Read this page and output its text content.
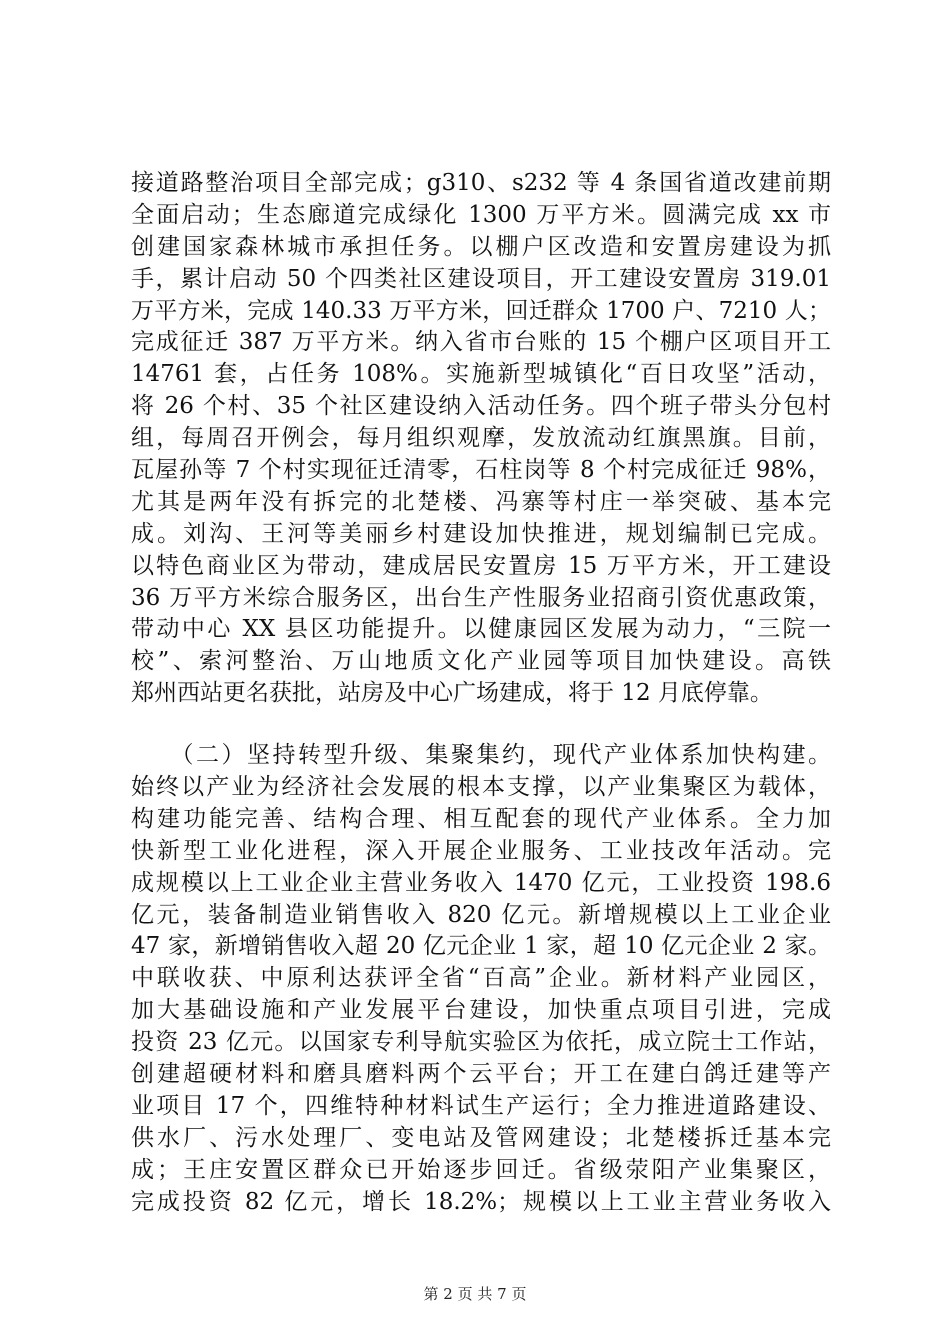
接道路整治项目全部完成；g310、s232 等 4 条国省道改建前期
全面启动；生态廊道完成绿化 1300 万平方米。圆满完成 xx 市
创建国家森林城市承担任务。以棚户区改造和安置房建设为抓
手，累计启动 50 个四类社区建设项目，开工建设安置房 319.01
万平方米，完成 140.33 万平方米，回迁群众 1700 户、7210 人；
完成征迁 387 万平方米。纳入省市台账的 15 个棚户区项目开工
14761 套，占任务 108%。实施新型城镇化“百日攻坚”活动，
将 26 个村、35 个社区建设纳入活动任务。四个班子带头分包村
组，每周召开例会，每月组织观摩，发放流动红旗黑旗。目前，
瓦屋孙等 7 个村实现征迁清零，石柱岗等 8 个村完成征迁 98%，
尤其是两年没有拆完的北楚楼、冯寨等村庄一举突破、基本完
成。刘沟、王河等美丽乡村建设加快推进，规划编制已完成。
以特色商业区为带动，建成居民安置房 15 万平方米，开工建设
36 万平方米综合服务区，出台生产性服务业招商引资优惠政策，
带动中心 XX 县区功能提升。以健康园区发展为动力，“三院一
校”、索河整治、万山地质文化产业园等项目加快建设。高铁
郑州西站更名获批，站房及中心广场建成，将于 12 月底停靠。
　　（二）坚持转型升级、集聚集约，现代产业体系加快构建。
始终以产业为经济社会发展的根本支撑，以产业集聚区为载体，
构建功能完善、结构合理、相互配套的现代产业体系。全力加
快新型工业化进程，深入开展企业服务、工业技改年活动。完
成规模以上工业企业主营业务收入 1470 亿元，工业投资 198.6
亿元，装备制造业销售收入 820 亿元。新增规模以上工业企业
47 家，新增销售收入超 20 亿元企业 1 家，超 10 亿元企业 2 家。
中联收获、中原利达获评全省“百高”企业。新材料产业园区，
加大基础设施和产业发展平台建设，加快重点项目引进，完成
投资 23 亿元。以国家专利导航实验区为依托，成立院士工作站，
创建超硬材料和磨具磨料两个云平台；开工在建白鸽迁建等产
业项目 17 个，四维特种材料试生产运行；全力推进道路建设、
供水厂、污水处理厂、变电站及管网建设；北楚楼拆迁基本完
成；王庄安置区群众已开始逐步回迁。省级荥阳产业集聚区，
完成投资 82 亿元，增长 18.2%；规模以上工业主营业务收入
第 2 页 共 7 页
